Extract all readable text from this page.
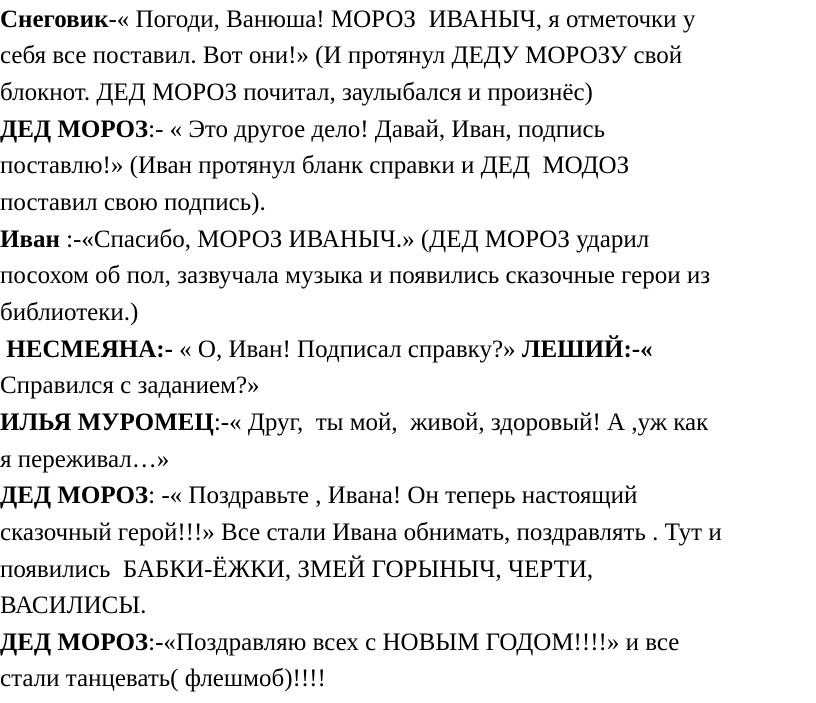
Снеговик-« Погоди, Ванюша! МОРОЗ  ИВАНЫЧ, я отметочки у

себя все поставил. Вот они!» (И протянул ДЕДУ МОРОЗУ свой

блокнот. ДЕД МОРОЗ почитал, заулыбался и произнёс)

ДЕД МОРОЗ:- « Это другое дело! Давай, Иван, подпись

поставлю!» (Иван протянул бланк справки и ДЕД  МОДОЗ

поставил свою подпись).

Иван :-«Спасибо, МОРОЗ ИВАНЫЧ.» (ДЕД МОРОЗ ударил

посохом об пол, зазвучала музыка и появились сказочные герои из

библиотеки.)

НЕСМЕЯНА:- « О, Иван! Подписал справку?» ЛЕШИЙ:-«

Справился с заданием?»

ИЛЬЯ МУРОМЕЦ:-« Друг,  ты мой,  живой, здоровый! А ,уж как

я переживал…»

ДЕД МОРОЗ: -« Поздравьте , Ивана! Он теперь настоящий

сказочный герой!!!» Все стали Ивана обнимать, поздравлять . Тут и

появились  БАБКИ-ЁЖКИ, ЗМЕЙ ГОРЫНЫЧ, ЧЕРТИ,

ВАСИЛИСЫ.

ДЕД МОРОЗ:-«Поздравляю всех с НОВЫМ ГОДОМ!!!!» и все

стали танцевать( флешмоб)!!!!
